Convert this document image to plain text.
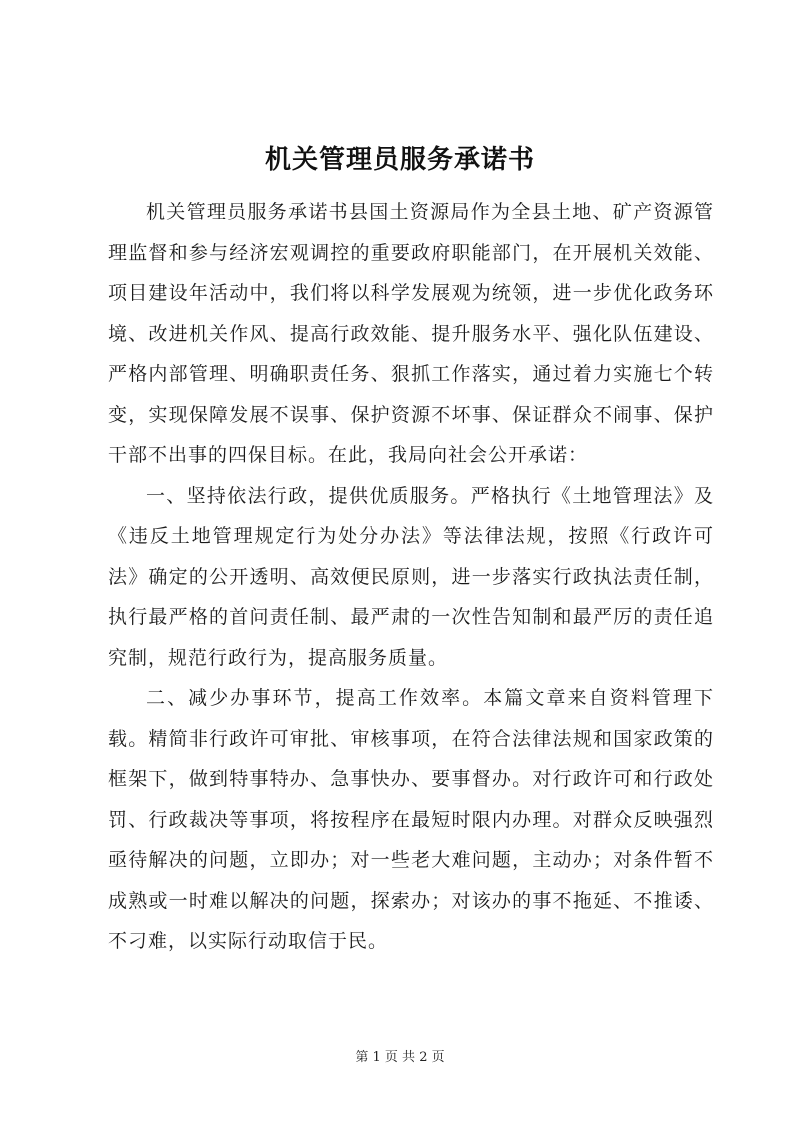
机关管理员服务承诺书

机关管理员服务承诺书县国土资源局作为全县土地、矿产资源管理监督和参与经济宏观调控的重要政府职能部门，在开展机关效能、项目建设年活动中，我们将以科学发展观为统领，进一步优化政务环境、改进机关作风、提高行政效能、提升服务水平、强化队伍建设、严格内部管理、明确职责任务、狠抓工作落实，通过着力实施七个转变，实现保障发展不误事、保护资源不坏事、保证群众不闹事、保护干部不出事的四保目标。在此，我局向社会公开承诺：

一、坚持依法行政，提供优质服务。严格执行《土地管理法》及《违反土地管理规定行为处分办法》等法律法规，按照《行政许可法》确定的公开透明、高效便民原则，进一步落实行政执法责任制，执行最严格的首问责任制、最严肃的一次性告知制和最严厉的责任追究制，规范行政行为，提高服务质量。

二、减少办事环节，提高工作效率。本篇文章来自资料管理下载。精简非行政许可审批、审核事项，在符合法律法规和国家政策的框架下，做到特事特办、急事快办、要事督办。对行政许可和行政处罚、行政裁决等事项，将按程序在最短时限内办理。对群众反映强烈亟待解决的问题，立即办；对一些老大难问题，主动办；对条件暂不成熟或一时难以解决的问题，探索办；对该办的事不拖延、不推诿、不刁难，以实际行动取信于民。

第 1 页 共 2 页
